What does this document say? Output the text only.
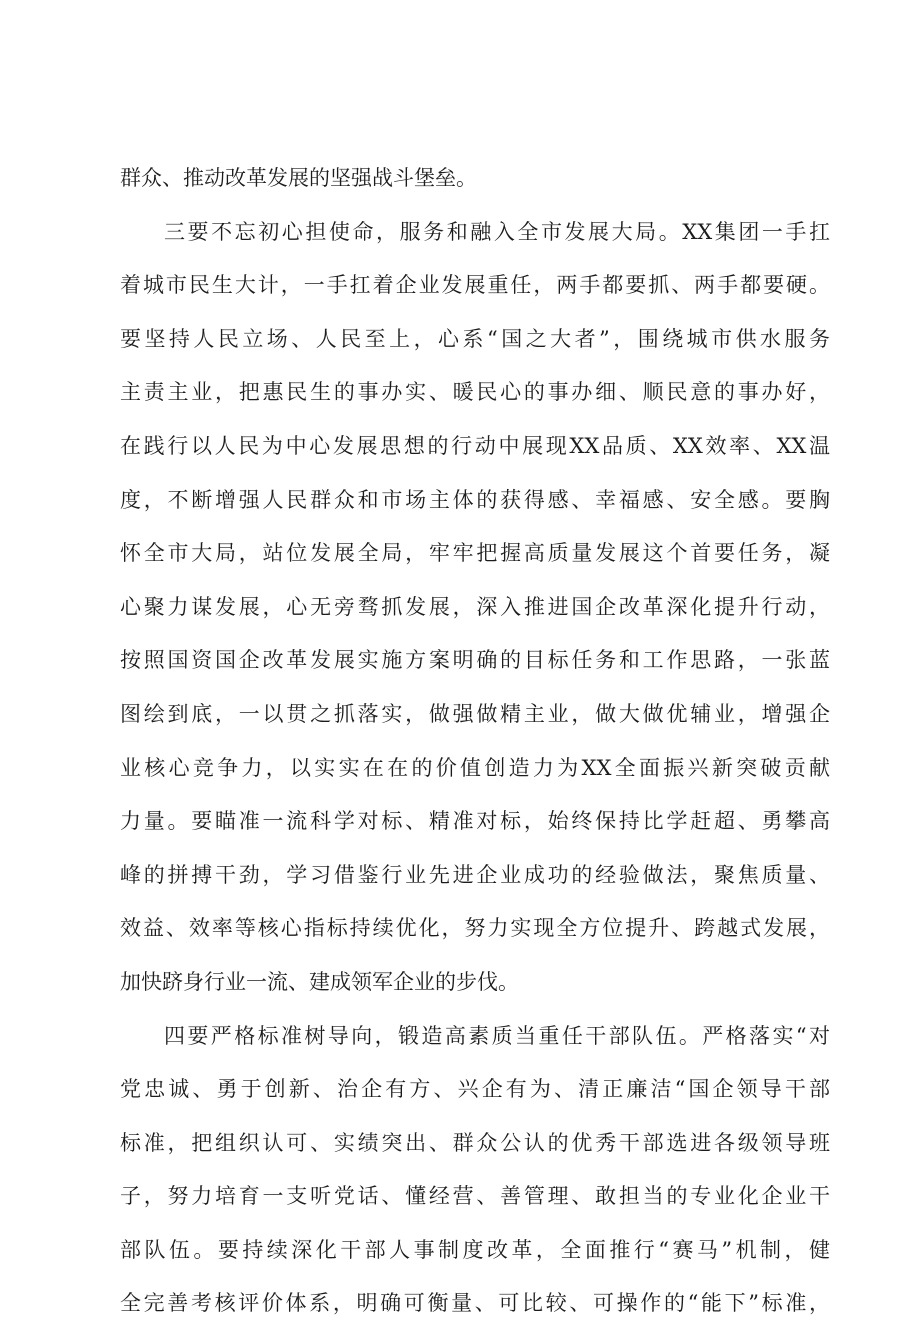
群众、推动改革发展的坚强战斗堡垒。
三要不忘初心担使命，服务和融入全市发展大局。XX集团一手扛
着城市民生大计，一手扛着企业发展重任，两手都要抓、两手都要硬。
要坚持人民立场、人民至上，心系“国之大者”，围绕城市供水服务
主责主业，把惠民生的事办实、暖民心的事办细、顺民意的事办好，
在践行以人民为中心发展思想的行动中展现XX品质、XX效率、XX温
度，不断增强人民群众和市场主体的获得感、幸福感、安全感。要胸
怀全市大局，站位发展全局，牢牢把握高质量发展这个首要任务，凝
心聚力谋发展，心无旁骛抓发展，深入推进国企改革深化提升行动，
按照国资国企改革发展实施方案明确的目标任务和工作思路，一张蓝
图绘到底，一以贯之抓落实，做强做精主业，做大做优辅业，增强企
业核心竞争力，以实实在在的价值创造力为XX全面振兴新突破贡献
力量。要瞄准一流科学对标、精准对标，始终保持比学赶超、勇攀高
峰的拼搏干劲，学习借鉴行业先进企业成功的经验做法，聚焦质量、
效益、效率等核心指标持续优化，努力实现全方位提升、跨越式发展，
加快跻身行业一流、建成领军企业的步伐。
四要严格标准树导向，锻造高素质当重任干部队伍。严格落实“对
党忠诚、勇于创新、治企有方、兴企有为、清正廉洁“国企领导干部
标准，把组织认可、实绩突出、群众公认的优秀干部选进各级领导班
子，努力培育一支听党话、懂经营、善管理、敢担当的专业化企业干
部队伍。要持续深化干部人事制度改革，全面推行“赛马”机制，健
全完善考核评价体系，明确可衡量、可比较、可操作的“能下”标准，
